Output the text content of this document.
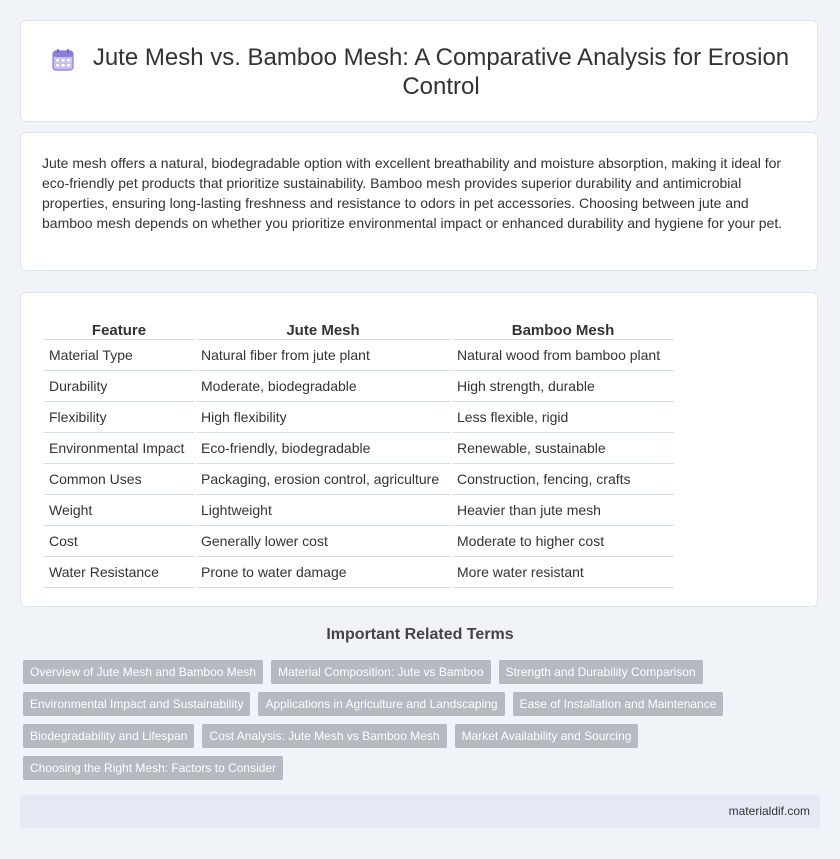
Jute Mesh vs. Bamboo Mesh: A Comparative Analysis for Erosion Control

Jute mesh offers a natural, biodegradable option with excellent breathability and moisture absorption, making it ideal for eco-friendly pet products that prioritize sustainability. Bamboo mesh provides superior durability and antimicrobial properties, ensuring long-lasting freshness and resistance to odors in pet accessories. Choosing between jute and bamboo mesh depends on whether you prioritize environmental impact or enhanced durability and hygiene for your pet.

Feature	Jute Mesh	Bamboo Mesh
Material Type	Natural fiber from jute plant	Natural wood from bamboo plant
Durability	Moderate, biodegradable	High strength, durable
Flexibility	High flexibility	Less flexible, rigid
Environmental Impact	Eco-friendly, biodegradable	Renewable, sustainable
Common Uses	Packaging, erosion control, agriculture	Construction, fencing, crafts
Weight	Lightweight	Heavier than jute mesh
Cost	Generally lower cost	Moderate to higher cost
Water Resistance	Prone to water damage	More water resistant
Important Related Terms
Overview of Jute Mesh and Bamboo Mesh	Material Composition: Jute vs Bamboo	Strength and Durability Comparison
Environmental Impact and Sustainability	Applications in Agriculture and Landscaping	Ease of Installation and Maintenance
Biodegradability and Lifespan	Cost Analysis: Jute Mesh vs Bamboo Mesh	Market Availability and Sourcing
Choosing the Right Mesh: Factors to Consider
materialdif.com
